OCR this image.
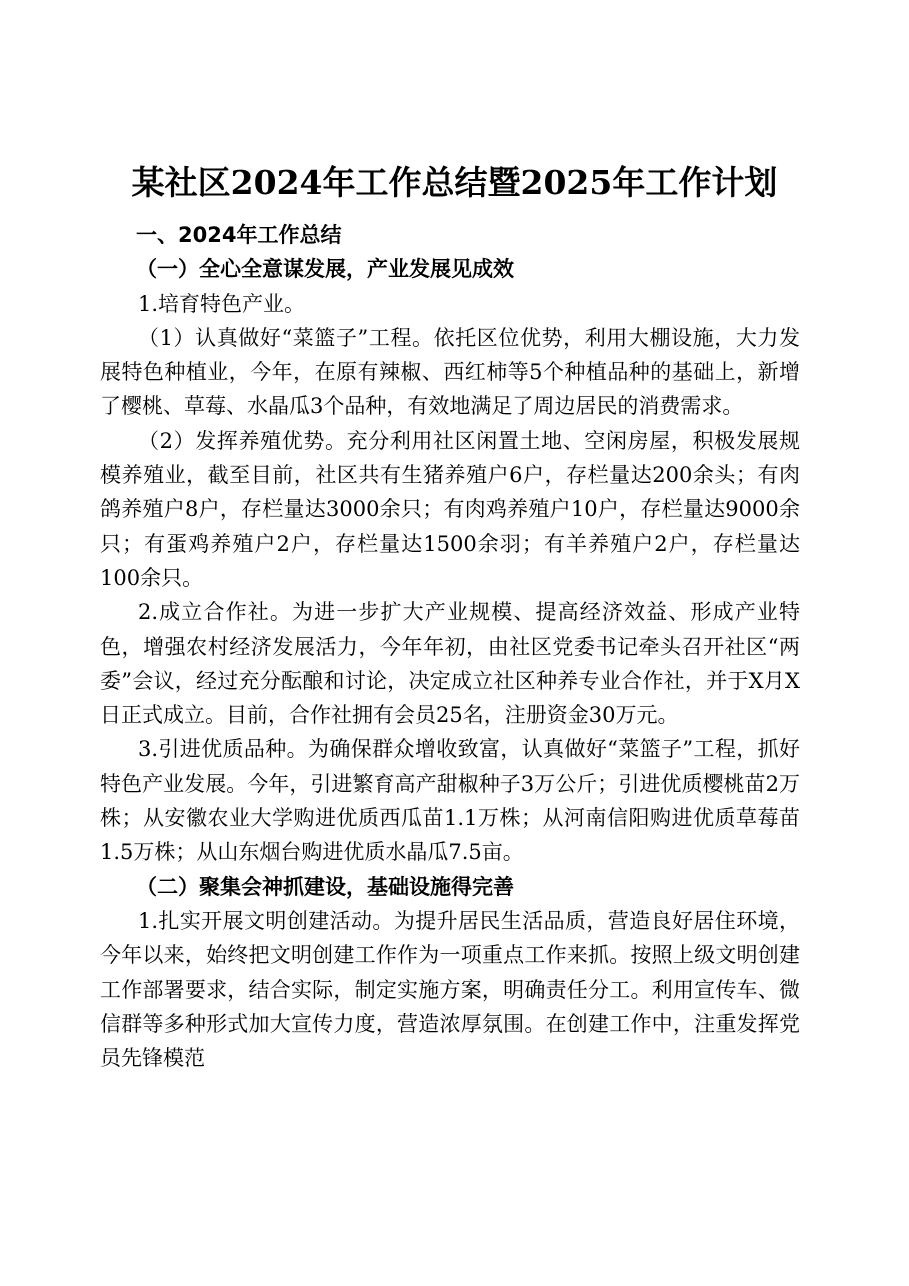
某社区2024年工作总结暨2025年工作计划

一、2024年工作总结

（一）全心全意谋发展，产业发展见成效

1.培育特色产业。

（1）认真做好“菜篮子”工程。依托区位优势，利用大棚设施，大力发展特色种植业，今年，在原有辣椒、西红柿等5个种植品种的基础上，新增了樱桃、草莓、水晶瓜3个品种，有效地满足了周边居民的消费需求。

（2）发挥养殖优势。充分利用社区闲置土地、空闲房屋，积极发展规模养殖业，截至目前，社区共有生猪养殖户6户，存栏量达200余头；有肉鸽养殖户8户，存栏量达3000余只；有肉鸡养殖户10户，存栏量达9000余只；有蛋鸡养殖户2户，存栏量达1500余羽；有羊养殖户2户，存栏量达100余只。

2.成立合作社。为进一步扩大产业规模、提高经济效益、形成产业特色，增强农村经济发展活力，今年年初，由社区党委书记牵头召开社区“两委”会议，经过充分酝酿和讨论，决定成立社区种养专业合作社，并于X月X日正式成立。目前，合作社拥有会员25名，注册资金30万元。

3.引进优质品种。为确保群众增收致富，认真做好“菜篮子”工程，抓好特色产业发展。今年，引进繁育高产甜椒种子3万公斤；引进优质樱桃苗2万株；从安徽农业大学购进优质西瓜苗1.1万株；从河南信阳购进优质草莓苗1.5万株；从山东烟台购进优质水晶瓜7.5亩。

（二）聚集会神抓建设，基础设施得完善

1.扎实开展文明创建活动。为提升居民生活品质，营造良好居住环境，今年以来，始终把文明创建工作作为一项重点工作来抓。按照上级文明创建工作部署要求，结合实际，制定实施方案，明确责任分工。利用宣传车、微信群等多种形式加大宣传力度，营造浓厚氛围。在创建工作中，注重发挥党员先锋模范
